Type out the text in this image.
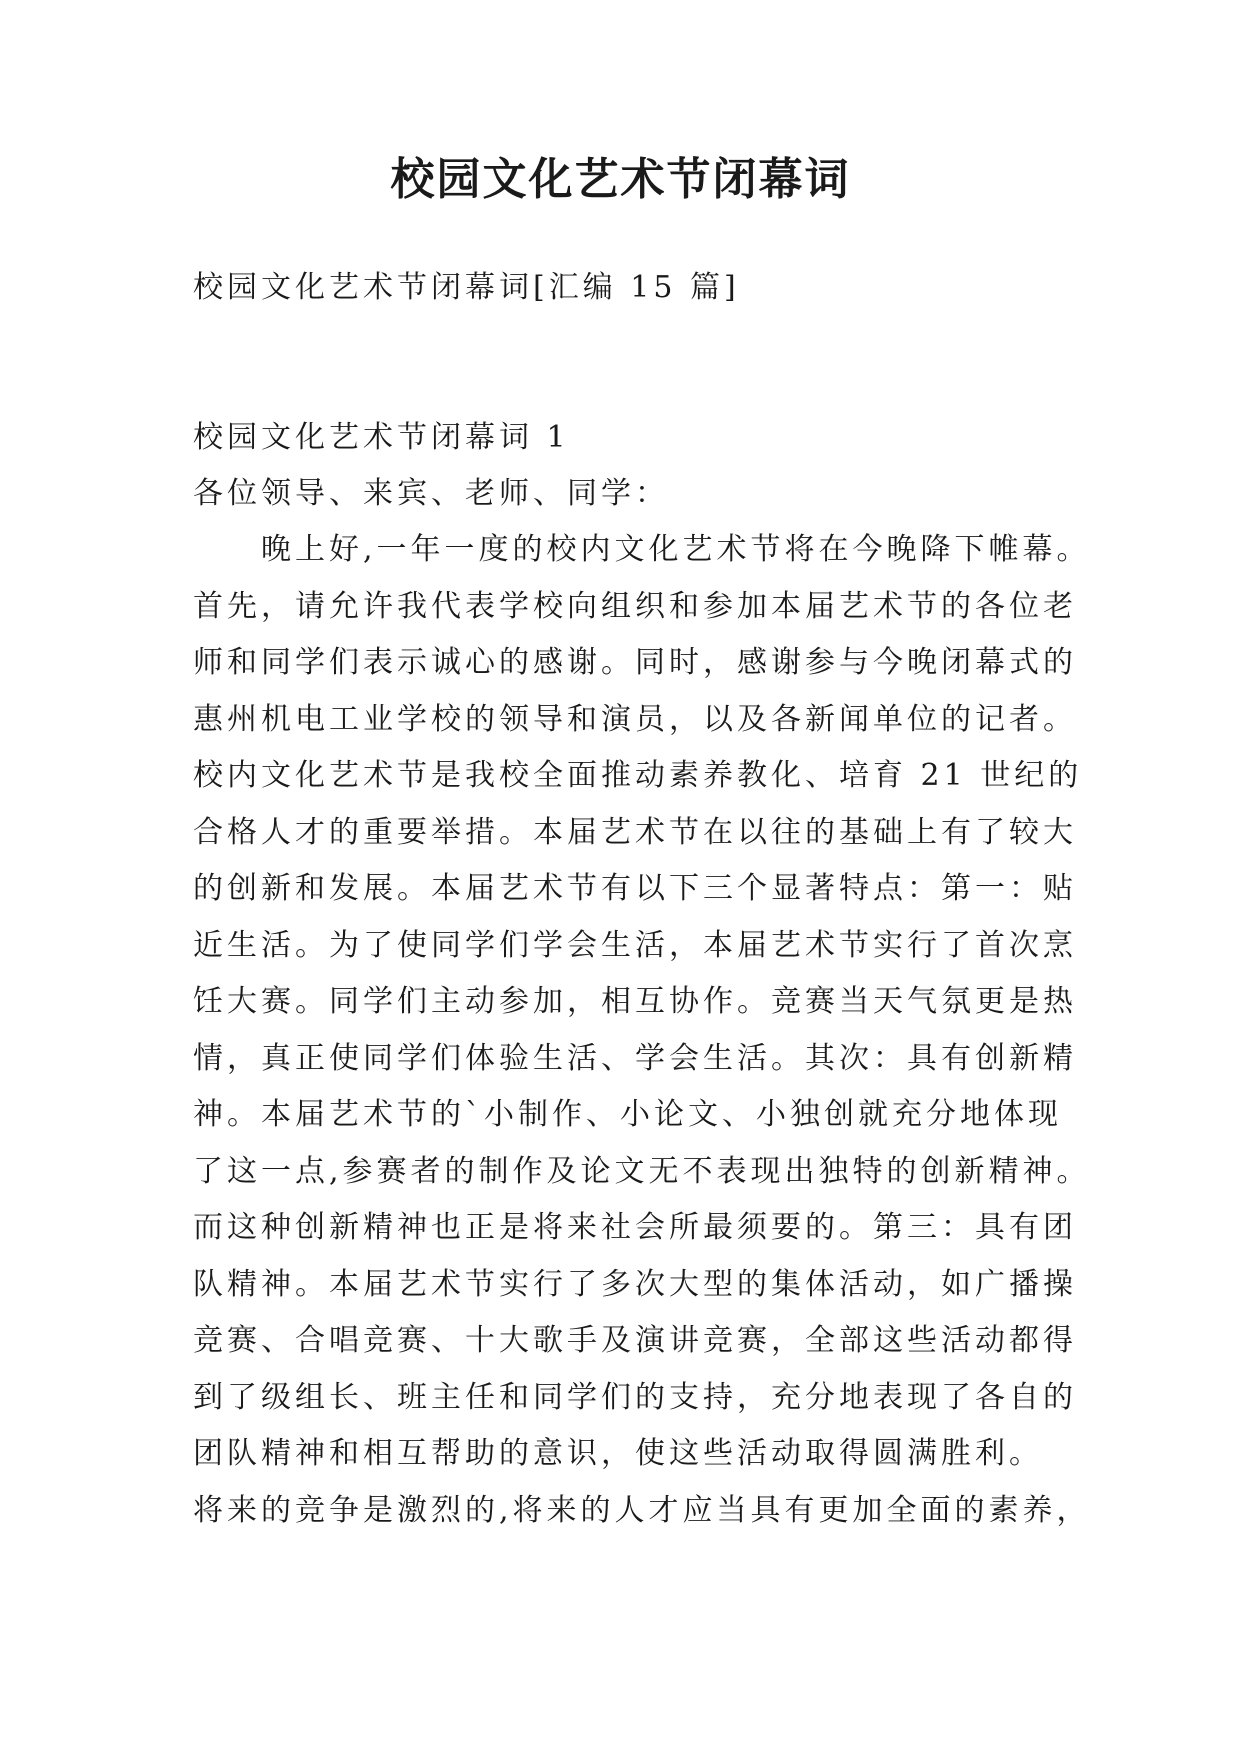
校园文化艺术节闭幕词

校园文化艺术节闭幕词[汇编 15 篇]

校园文化艺术节闭幕词 1

各位领导、来宾、老师、同学：

　　晚上好,一年一度的校内文化艺术节将在今晚降下帷幕。

首先，请允许我代表学校向组织和参加本届艺术节的各位老

师和同学们表示诚心的感谢。同时，感谢参与今晚闭幕式的

惠州机电工业学校的领导和演员，以及各新闻单位的记者。

校内文化艺术节是我校全面推动素养教化、培育 21 世纪的

合格人才的重要举措。本届艺术节在以往的基础上有了较大

的创新和发展。本届艺术节有以下三个显著特点：第一：贴

近生活。为了使同学们学会生活，本届艺术节实行了首次烹

饪大赛。同学们主动参加，相互协作。竞赛当天气氛更是热

情，真正使同学们体验生活、学会生活。其次：具有创新精

神。本届艺术节的`小制作、小论文、小独创就充分地体现

了这一点,参赛者的制作及论文无不表现出独特的创新精神。

而这种创新精神也正是将来社会所最须要的。第三：具有团

队精神。本届艺术节实行了多次大型的集体活动，如广播操

竞赛、合唱竞赛、十大歌手及演讲竞赛，全部这些活动都得

到了级组长、班主任和同学们的支持，充分地表现了各自的

团队精神和相互帮助的意识，使这些活动取得圆满胜利。

将来的竞争是激烈的,将来的人才应当具有更加全面的素养，
